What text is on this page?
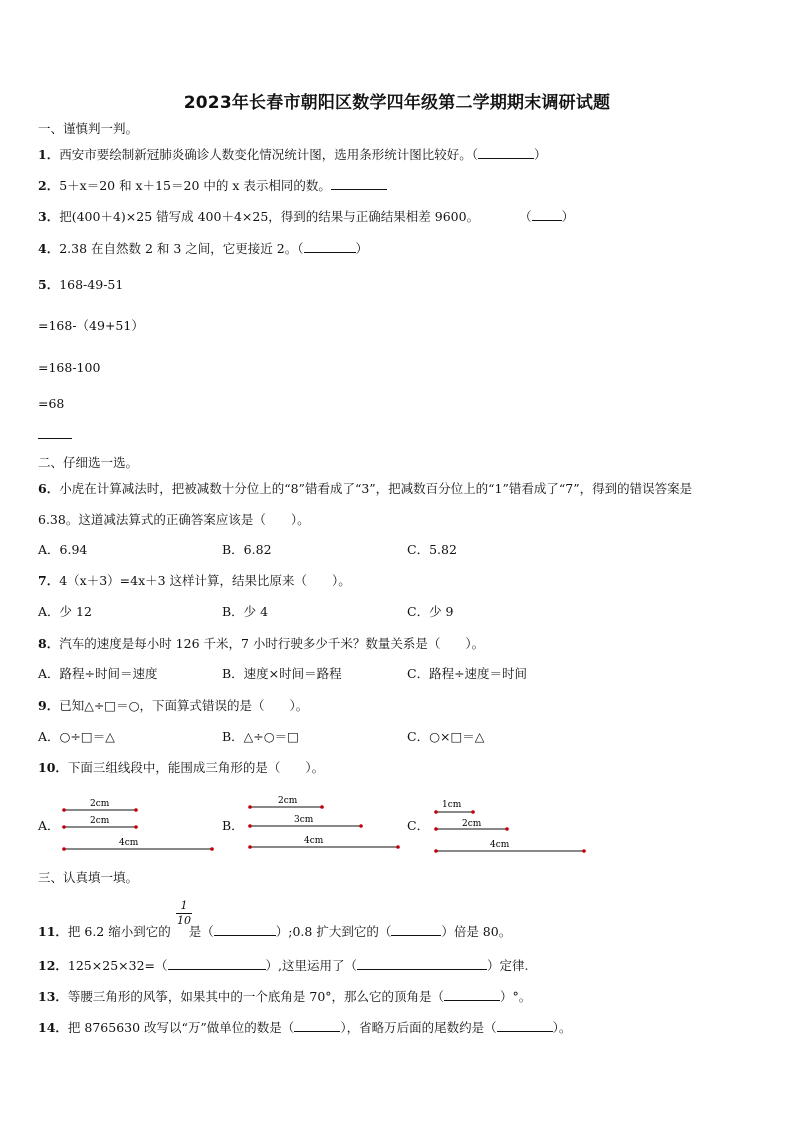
2023年长春市朝阳区数学四年级第二学期期末调研试题
一、谨慎判一判。
1．西安市要绘制新冠肺炎确诊人数变化情况统计图，选用条形统计图比较好。（	）
2．5＋x＝20 和 x＋15＝20 中的 x 表示相同的数。
3．把(400＋4)×25 错写成 400＋4×25，得到的结果与正确结果相差 9600。	（ ）
4．2.38 在自然数 2 和 3 之间，它更接近 2。（	）
5．168-49-51
=168-（49+51）
=168-100
=68
二、仔细选一选。
6．小虎在计算减法时，把被减数十分位上的“8”错看成了“3”，把减数百分位上的“1”错看成了“7”，得到的错误答案是
6.38。这道减法算式的正确答案应该是（　　）。
A．6.94	B．6.82	C．5.82
7．4（x＋3）=4x＋3 这样计算，结果比原来（　　）。
A．少 12	B．少 4	C．少 9
8．汽车的速度是每小时 126 千米，7 小时行驶多少千米？数量关系是（　　）。
A．路程÷时间＝速度	B．速度×时间＝路程	C．路程÷速度＝时间
9．已知△÷□＝○，下面算式错误的是（　　）。
A．○÷□＝△	B．△÷○＝□	C．○×□＝△
10．下面三组线段中，能围成三角形的是（　　）。
A．	B．	C．
2cm
2cm
4cm
2cm
3cm
4cm
1cm
2cm
4cm
三、认真填一填。
1
10
11．把 6.2 缩小到它的 是（	）;0.8 扩大到它的（	）倍是 80。
12．125×25×32=（	）,这里运用了（	）定律.
13．等腰三角形的风筝，如果其中的一个底角是 70°，那么它的顶角是（	）°。
14．把 8765630 改写以“万”做单位的数是（	），省略万后面的尾数约是（	）。
